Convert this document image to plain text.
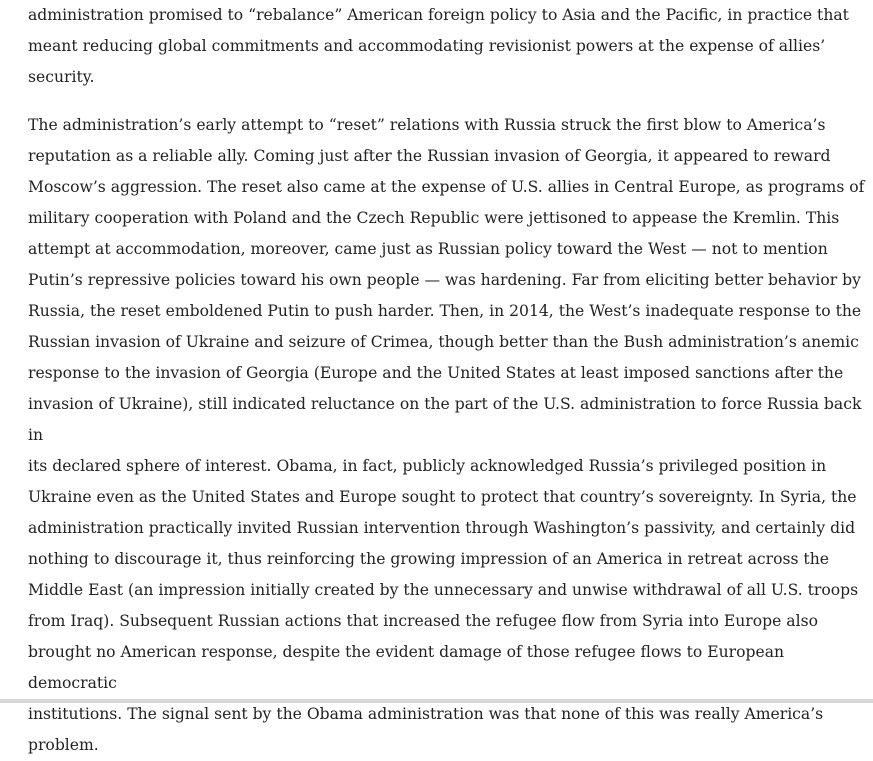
administration promised to “rebalance” American foreign policy to Asia and the Pacific, in practice that
meant reducing global commitments and accommodating revisionist powers at the expense of allies’
security.

The administration’s early attempt to “reset” relations with Russia struck the first blow to America’s
reputation as a reliable ally. Coming just after the Russian invasion of Georgia, it appeared to reward
Moscow’s aggression. The reset also came at the expense of U.S. allies in Central Europe, as programs of
military cooperation with Poland and the Czech Republic were jettisoned to appease the Kremlin. This
attempt at accommodation, moreover, came just as Russian policy toward the West — not to mention
Putin’s repressive policies toward his own people — was hardening. Far from eliciting better behavior by
Russia, the reset emboldened Putin to push harder. Then, in 2014, the West’s inadequate response to the
Russian invasion of Ukraine and seizure of Crimea, though better than the Bush administration’s anemic
response to the invasion of Georgia (Europe and the United States at least imposed sanctions after the
invasion of Ukraine), still indicated reluctance on the part of the U.S. administration to force Russia back in
its declared sphere of interest. Obama, in fact, publicly acknowledged Russia’s privileged position in
Ukraine even as the United States and Europe sought to protect that country’s sovereignty. In Syria, the
administration practically invited Russian intervention through Washington’s passivity, and certainly did
nothing to discourage it, thus reinforcing the growing impression of an America in retreat across the
Middle East (an impression initially created by the unnecessary and unwise withdrawal of all U.S. troops
from Iraq). Subsequent Russian actions that increased the refugee flow from Syria into Europe also
brought no American response, despite the evident damage of those refugee flows to European democratic
institutions. The signal sent by the Obama administration was that none of this was really America’s
problem.
